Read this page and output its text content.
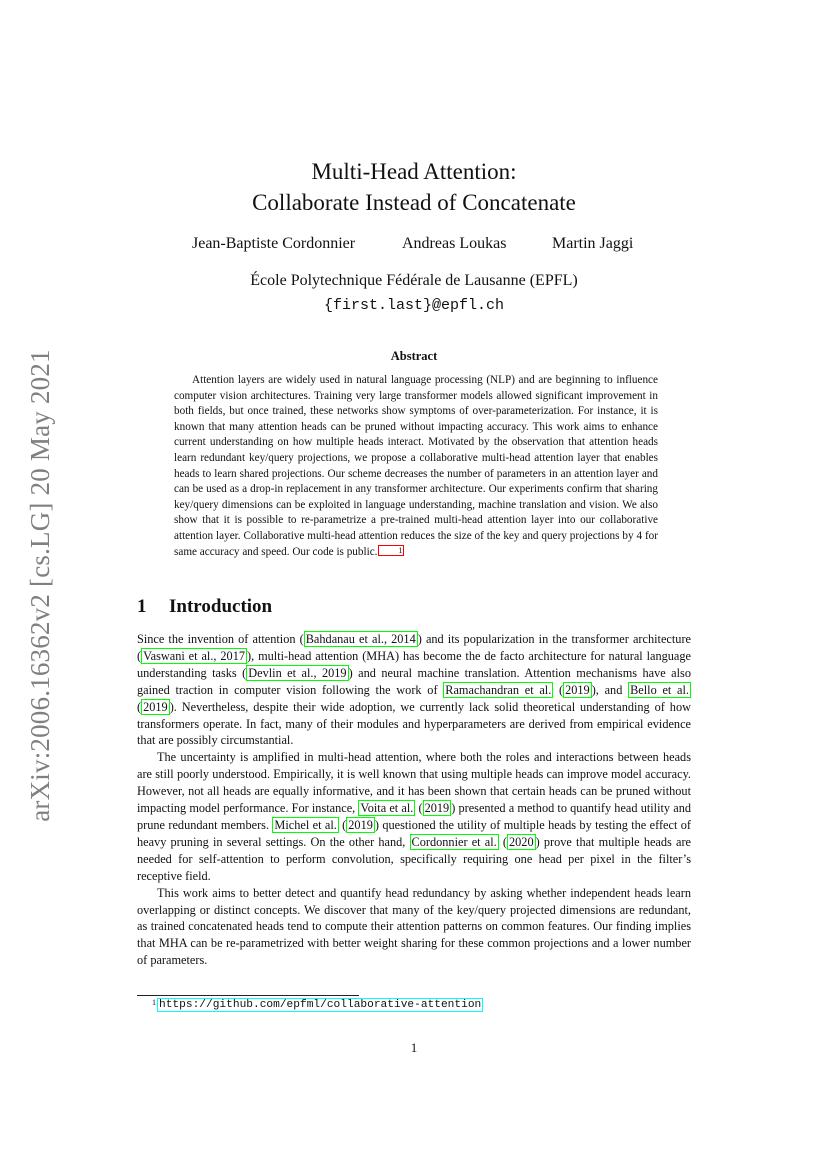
arXiv:2006.16362v2 [cs.LG] 20 May 2021
Multi-Head Attention:
Collaborate Instead of Concatenate
Jean-Baptiste Cordonnier	Andreas Loukas	Martin Jaggi
École Polytechnique Fédérale de Lausanne (EPFL)
{first.last}@epfl.ch
Abstract

Attention layers are widely used in natural language processing (NLP) and are beginning to influence computer vision architectures. Training very large transformer models allowed significant improvement in both fields, but once trained, these networks show symptoms of over-parameterization. For instance, it is known that many attention heads can be pruned without impacting accuracy. This work aims to enhance current understanding on how multiple heads interact. Motivated by the observation that attention heads learn redundant key/query projections, we propose a collaborative multi-head attention layer that enables heads to learn shared projections. Our scheme decreases the number of parameters in an attention layer and can be used as a drop-in replacement in any transformer architecture. Our experiments confirm that sharing key/query dimensions can be exploited in language understanding, machine translation and vision. We also show that it is possible to re-parametrize a pre-trained multi-head attention layer into our collaborative attention layer. Collaborative multi-head attention reduces the size of the key and query projections by 4 for same accuracy and speed. Our code is public.	1

1 Introduction

Since the invention of attention ( Bahdanau et al., 2014 ) and its popularization in the transformer architecture ( Vaswani et al., 2017 ), multi-head attention (MHA) has become the de facto architecture for natural language understanding tasks ( Devlin et al., 2019 ) and neural machine translation. Attention mechanisms have also gained traction in computer vision following the work of Ramachandran et al. ( 2019 ), and Bello et al. ( 2019 ). Nevertheless, despite their wide adoption, we currently lack solid theoretical understanding of how transformers operate. In fact, many of their modules and hyperparameters are derived from empirical evidence that are possibly circumstantial.

The uncertainty is amplified in multi-head attention, where both the roles and interactions between heads are still poorly understood. Empirically, it is well known that using multiple heads can improve model accuracy. However, not all heads are equally informative, and it has been shown that certain heads can be pruned without impacting model performance. For instance, Voita et al. ( 2019 ) presented a method to quantify head utility and prune redundant members. Michel et al. ( 2019 ) questioned the utility of multiple heads by testing the effect of heavy pruning in several settings. On the other hand, Cordonnier et al. ( 2020 ) prove that multiple heads are needed for self-attention to perform convolution, specifically requiring one head per pixel in the filter’s receptive field.

This work aims to better detect and quantify head redundancy by asking whether independent heads learn overlapping or distinct concepts. We discover that many of the key/query projected dimensions are redundant, as trained concatenated heads tend to compute their attention patterns on common features. Our finding implies that MHA can be re-parametrized with better weight sharing for these common projections and a lower number of parameters.

$^1$ https://github.com/epfml/collaborative-attention
1
